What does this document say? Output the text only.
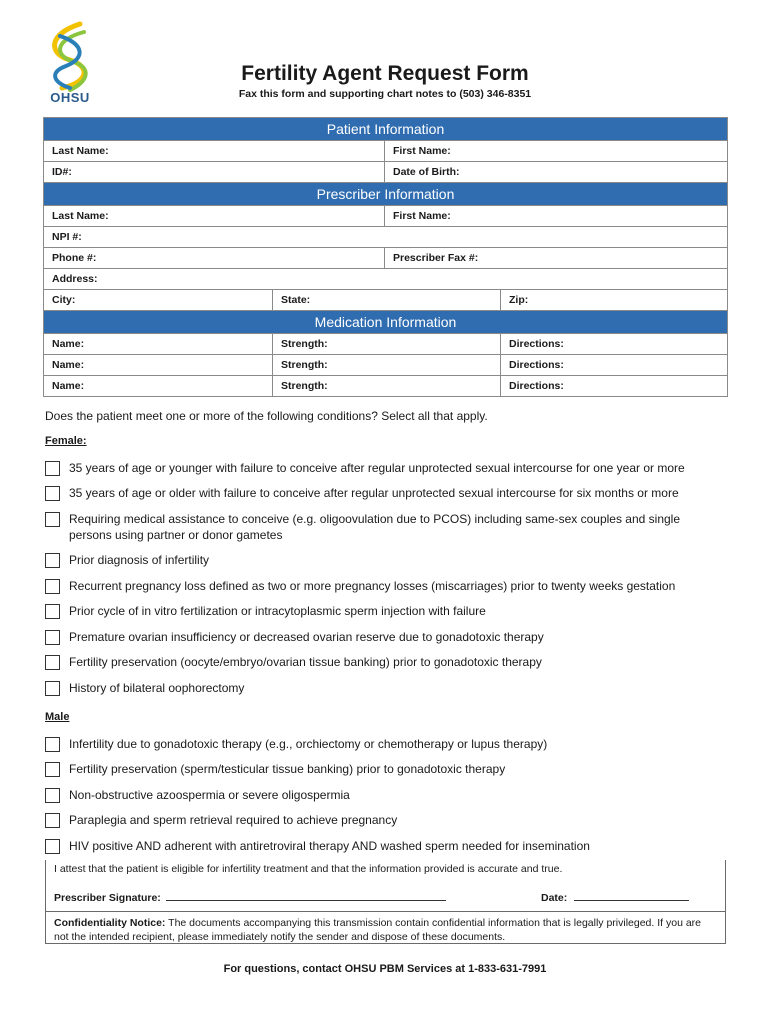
OHSU
Fertility Agent Request Form
Fax this form and supporting chart notes to (503) 346-8351
Patient Information
Last Name:	First Name:
ID#:	Date of Birth:
Prescriber Information
Last Name:	First Name:
NPI #:
Phone #:	Prescriber Fax #:
Address:
City:	State:	Zip:
Medication Information
Name:	Strength:	Directions:
Name:	Strength:	Directions:
Name:	Strength:	Directions:
Does the patient meet one or more of the following conditions? Select all that apply.
Female:
35 years of age or younger with failure to conceive after regular unprotected sexual intercourse for one year or more
35 years of age or older with failure to conceive after regular unprotected sexual intercourse for six months or more
Requiring medical assistance to conceive (e.g. oligoovulation due to PCOS) including same-sex couples and single persons using partner or donor gametes
Prior diagnosis of infertility
Recurrent pregnancy loss defined as two or more pregnancy losses (miscarriages) prior to twenty weeks gestation
Prior cycle of in vitro fertilization or intracytoplasmic sperm injection with failure
Premature ovarian insufficiency or decreased ovarian reserve due to gonadotoxic therapy
Fertility preservation (oocyte/embryo/ovarian tissue banking) prior to gonadotoxic therapy
History of bilateral oophorectomy
Male
Infertility due to gonadotoxic therapy (e.g., orchiectomy or chemotherapy or lupus therapy)
Fertility preservation (sperm/testicular tissue banking) prior to gonadotoxic therapy
Non-obstructive azoospermia or severe oligospermia
Paraplegia and sperm retrieval required to achieve pregnancy
HIV positive AND adherent with antiretroviral therapy AND washed sperm needed for insemination
I attest that the patient is eligible for infertility treatment and that the information provided is accurate and true.
Prescriber Signature:	Date:
Confidentiality Notice: The documents accompanying this transmission contain confidential information that is legally privileged. If you are not the intended recipient, please immediately notify the sender and dispose of these documents.
For questions, contact OHSU PBM Services at 1-833-631-7991
